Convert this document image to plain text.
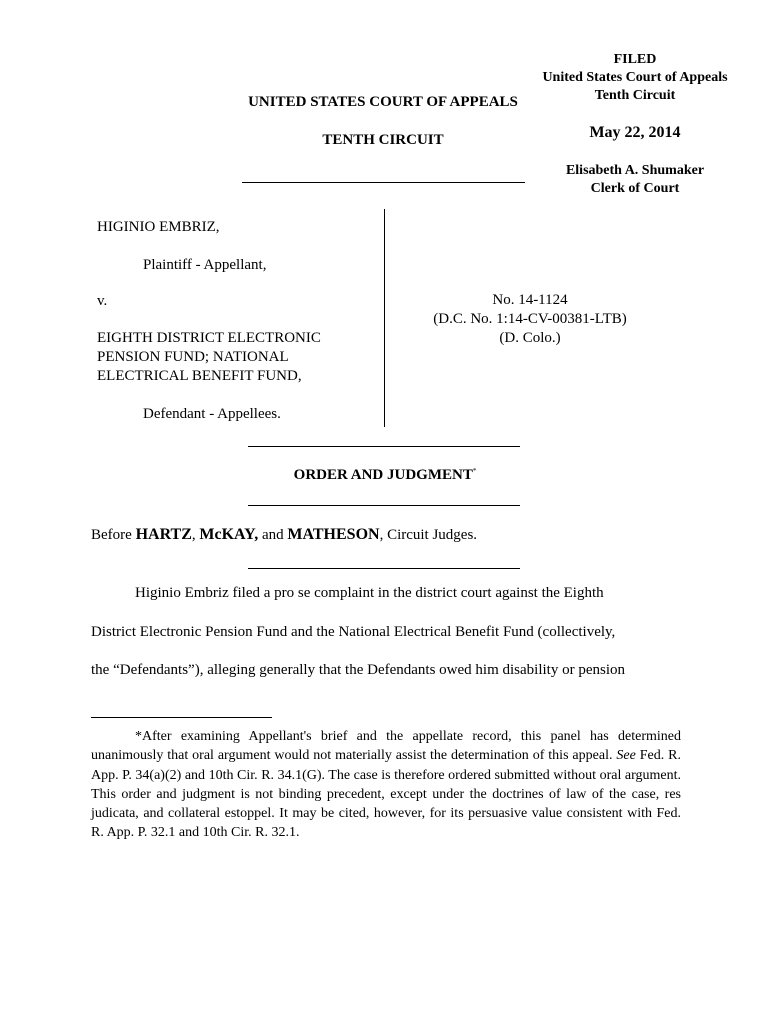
FILED
United States Court of Appeals
Tenth Circuit
May 22, 2014
Elisabeth A. Shumaker
Clerk of Court
UNITED STATES COURT OF APPEALS
TENTH CIRCUIT
HIGINIO EMBRIZ,
Plaintiff - Appellant,
v.
EIGHTH DISTRICT ELECTRONIC
PENSION FUND; NATIONAL
ELECTRICAL BENEFIT FUND,
Defendant - Appellees.
No. 14-1124
(D.C. No. 1:14-CV-00381-LTB)
(D. Colo.)
ORDER AND JUDGMENT*
Before HARTZ, McKAY, and MATHESON, Circuit Judges.
Higinio Embriz filed a pro se complaint in the district court against the Eighth
District Electronic Pension Fund and the National Electrical Benefit Fund (collectively,
the “Defendants”), alleging generally that the Defendants owed him disability or pension

*After examining Appellant's brief and the appellate record, this panel has determined unanimously that oral argument would not materially assist the determination of this appeal. See Fed. R. App. P. 34(a)(2) and 10th Cir. R. 34.1(G). The case is therefore ordered submitted without oral argument. This order and judgment is not binding precedent, except under the doctrines of law of the case, res judicata, and collateral estoppel. It may be cited, however, for its persuasive value consistent with Fed. R. App. P. 32.1 and 10th Cir. R. 32.1.
